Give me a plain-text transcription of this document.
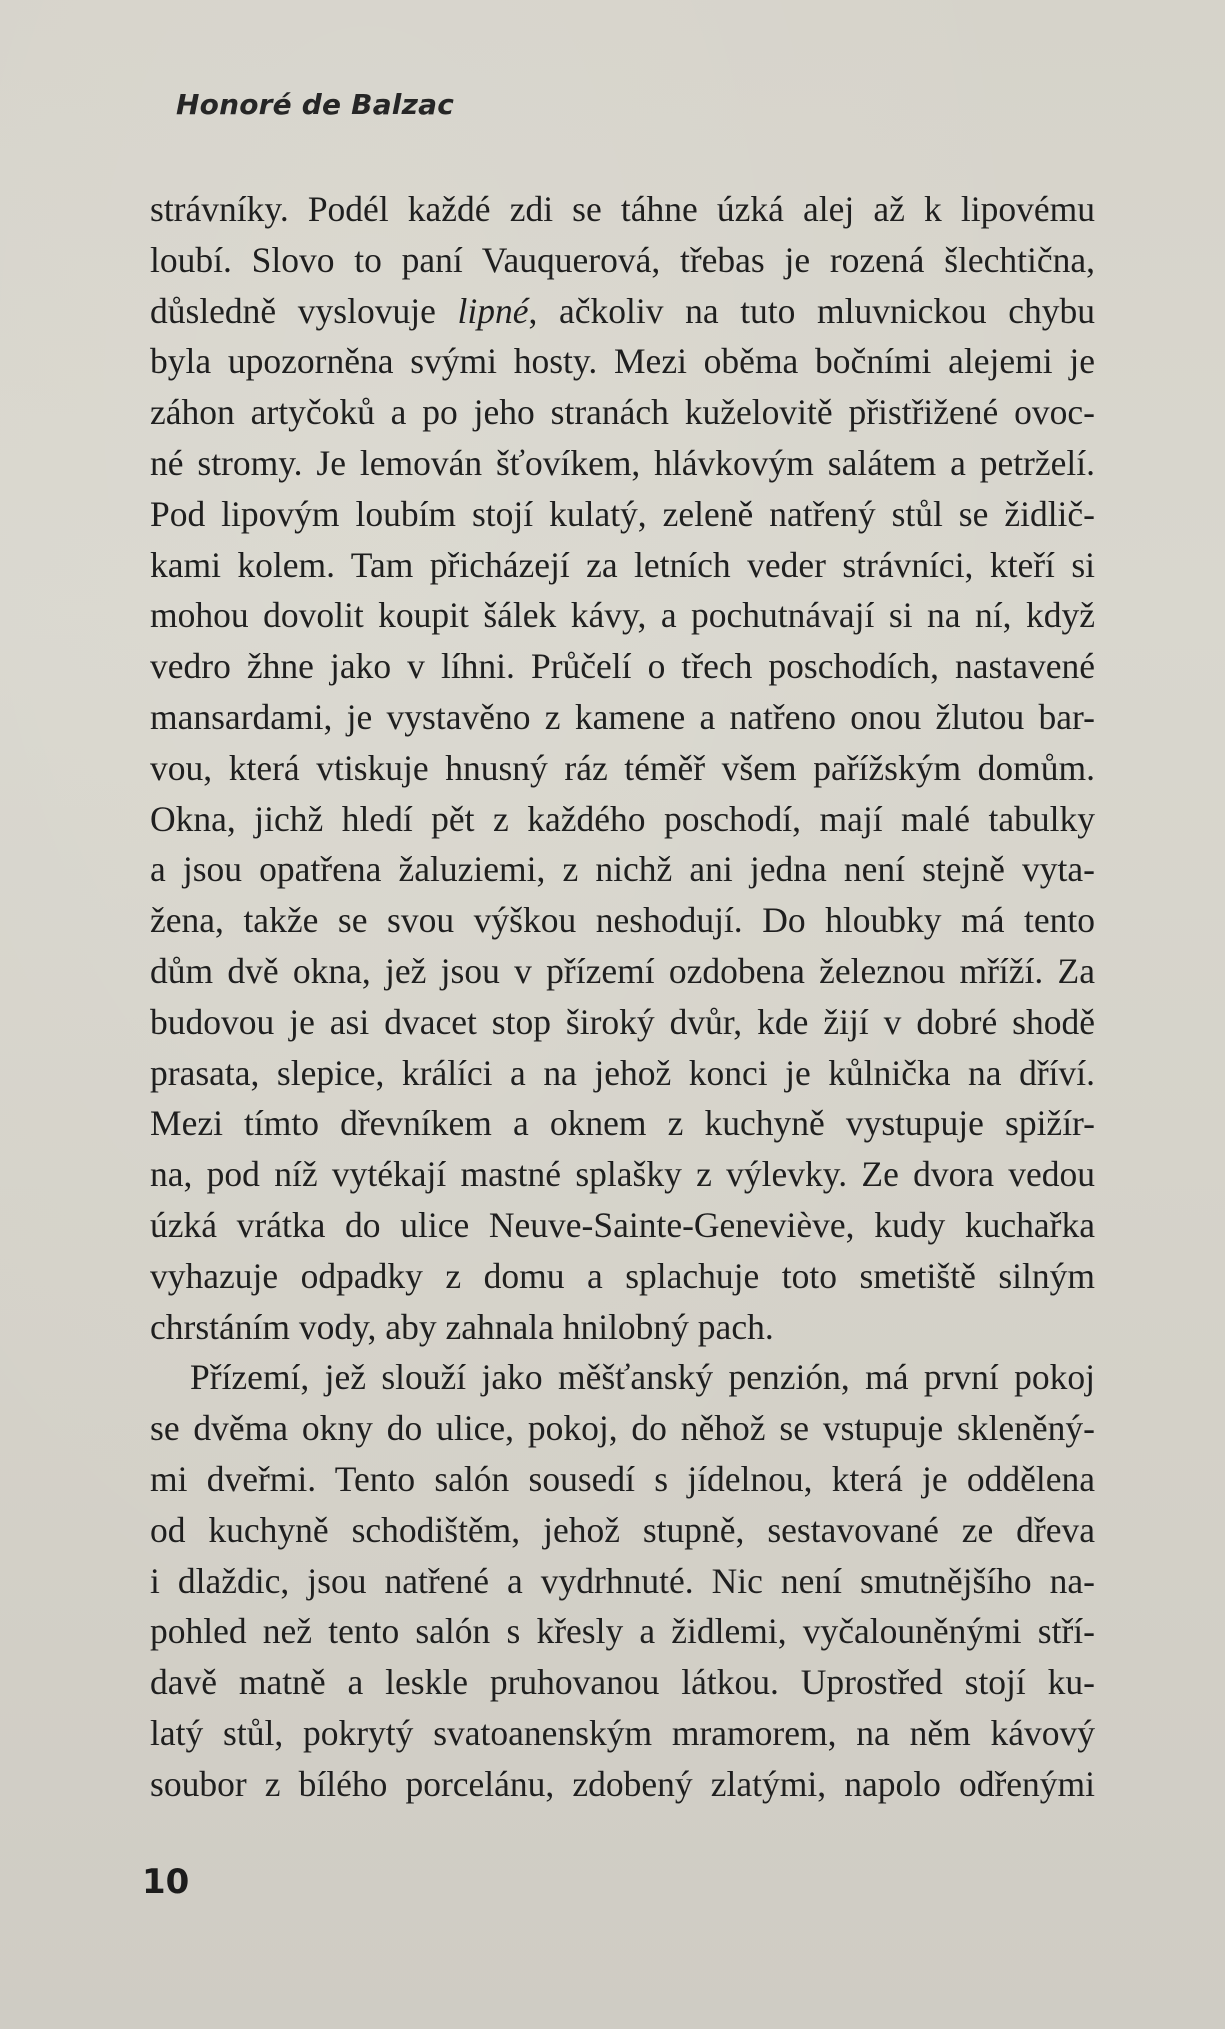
Honoré de Balzac
strávníky. Podél každé zdi se táhne úzká alej až k lipovému
loubí. Slovo to paní Vauquerová, třebas je rozená šlechtična,
důsledně vyslovuje lipné, ačkoliv na tuto mluvnickou chybu
byla upozorněna svými hosty. Mezi oběma bočními alejemi je
záhon artyčoků a po jeho stranách kuželovitě přistřižené ovoc-
né stromy. Je lemován šťovíkem, hlávkovým salátem a petrželí.
Pod lipovým loubím stojí kulatý, zeleně natřený stůl se židlič-
kami kolem. Tam přicházejí za letních veder strávníci, kteří si
mohou dovolit koupit šálek kávy, a pochutnávají si na ní, když
vedro žhne jako v líhni. Průčelí o třech poschodích, nastavené
mansardami, je vystavěno z kamene a natřeno onou žlutou bar-
vou, která vtiskuje hnusný ráz téměř všem pařížským domům.
Okna, jichž hledí pět z každého poschodí, mají malé tabulky
a jsou opatřena žaluziemi, z nichž ani jedna není stejně vyta-
žena, takže se svou výškou neshodují. Do hloubky má tento
dům dvě okna, jež jsou v přízemí ozdobena železnou mříží. Za
budovou je asi dvacet stop široký dvůr, kde žijí v dobré shodě
prasata, slepice, králíci a na jehož konci je kůlnička na dříví.
Mezi tímto dřevníkem a oknem z kuchyně vystupuje spižír-
na, pod níž vytékají mastné splašky z výlevky. Ze dvora vedou
úzká vrátka do ulice Neuve-Sainte-Geneviève, kudy kuchařka
vyhazuje odpadky z domu a splachuje toto smetiště silným
chrstáním vody, aby zahnala hnilobný pach.
Přízemí, jež slouží jako měšťanský penzión, má první pokoj
se dvěma okny do ulice, pokoj, do něhož se vstupuje skleněný-
mi dveřmi. Tento salón sousedí s jídelnou, která je oddělena
od kuchyně schodištěm, jehož stupně, sestavované ze dřeva
i dlaždic, jsou natřené a vydrhnuté. Nic není smutnějšího na-
pohled než tento salón s křesly a židlemi, vyčalouněnými stří-
davě matně a leskle pruhovanou látkou. Uprostřed stojí ku-
latý stůl, pokrytý svatoanenským mramorem, na něm kávový
soubor z bílého porcelánu, zdobený zlatými, napolo odřenými
10
